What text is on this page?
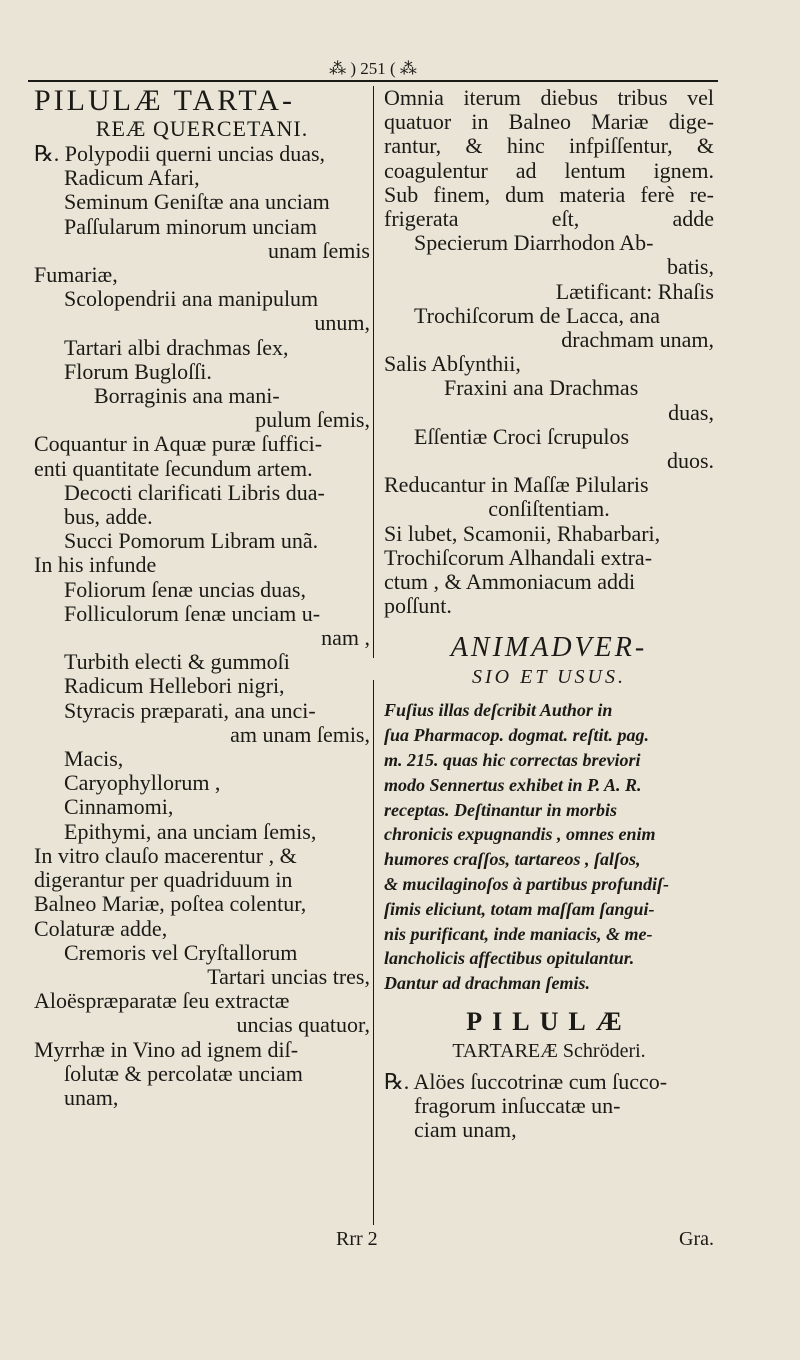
⁂ ) 251 ( ⁂
PILULÆ TARTA-
REÆ QUERCETANI.
℞. Polypodii querni uncias duas,
Radicum Afari,
Seminum Geniſtæ ana unciam
Paſſularum minorum unciam
unam ſemis
Fumariæ,
Scolopendrii ana manipulum
unum,
Tartari albi drachmas ſex,
Florum Bugloſſi.
Borraginis ana mani-
pulum ſemis,
Coquantur in Aquæ puræ ſuffici-
enti quantitate ſecundum artem.
Decocti clarificati Libris dua-
bus, adde.
Succi Pomorum Libram unã.
In his infunde
Foliorum ſenæ uncias duas,
Folliculorum ſenæ unciam u-
nam ,
Turbith electi & gummoſi
Radicum Hellebori nigri,
Styracis præparati, ana unci-
am unam ſemis,
Macis,
Caryophyllorum ,
Cinnamomi,
Epithymi, ana unciam ſemis,
In vitro clauſo macerentur , &
digerantur per quadriduum in
Balneo Mariæ, poſtea colentur,
Colaturæ adde,
Cremoris vel Cryſtallorum
Tartari uncias tres,
Aloëspræparatæ ſeu extractæ
uncias quatuor,
Myrrhæ in Vino ad ignem diſ-
ſolutæ & percolatæ unciam
unam,
Omnia iterum diebus tribus vel
quatuor in Balneo Mariæ dige-
rantur, & hinc infpiſſentur, &
coagulentur ad lentum ignem.
Sub finem, dum materia ferè re-
frigerata eſt, adde
Specierum Diarrhodon Ab-
batis,
Lætificant: Rhaſis
Trochiſcorum de Lacca, ana
drachmam unam,
Salis Abſynthii,
Fraxini ana Drachmas
duas,
Eſſentiæ Croci ſcrupulos
duos.
Reducantur in Maſſæ Pilularis
conſiſtentiam.
Si lubet, Scamonii, Rhabarbari,
Trochiſcorum Alhandali extra-
ctum , & Ammoniacum addi
poſſunt.
ANIMADVER-
SIO ET USUS.
Fuſius illas deſcribit Author in
ſua Pharmacop. dogmat. reſtit. pag.
m. 215. quas hic correctas breviori
modo Sennertus exhibet in P. A. R.
receptas. Deſtinantur in morbis
chronicis expugnandis , omnes enim
humores craſſos, tartareos , ſalſos,
& mucilaginoſos à partibus profundiſ-
ſimis eliciunt, totam maſſam ſangui-
nis purificant, inde maniacis, & me-
lancholicis affectibus opitulantur.
Dantur ad drachman ſemis.
PILULÆ
TARTAREÆ Schröderi.
℞. Alöes ſuccotrinæ cum ſucco-
fragorum inſuccatæ un-
ciam unam,
Rrr 2	Gra.
